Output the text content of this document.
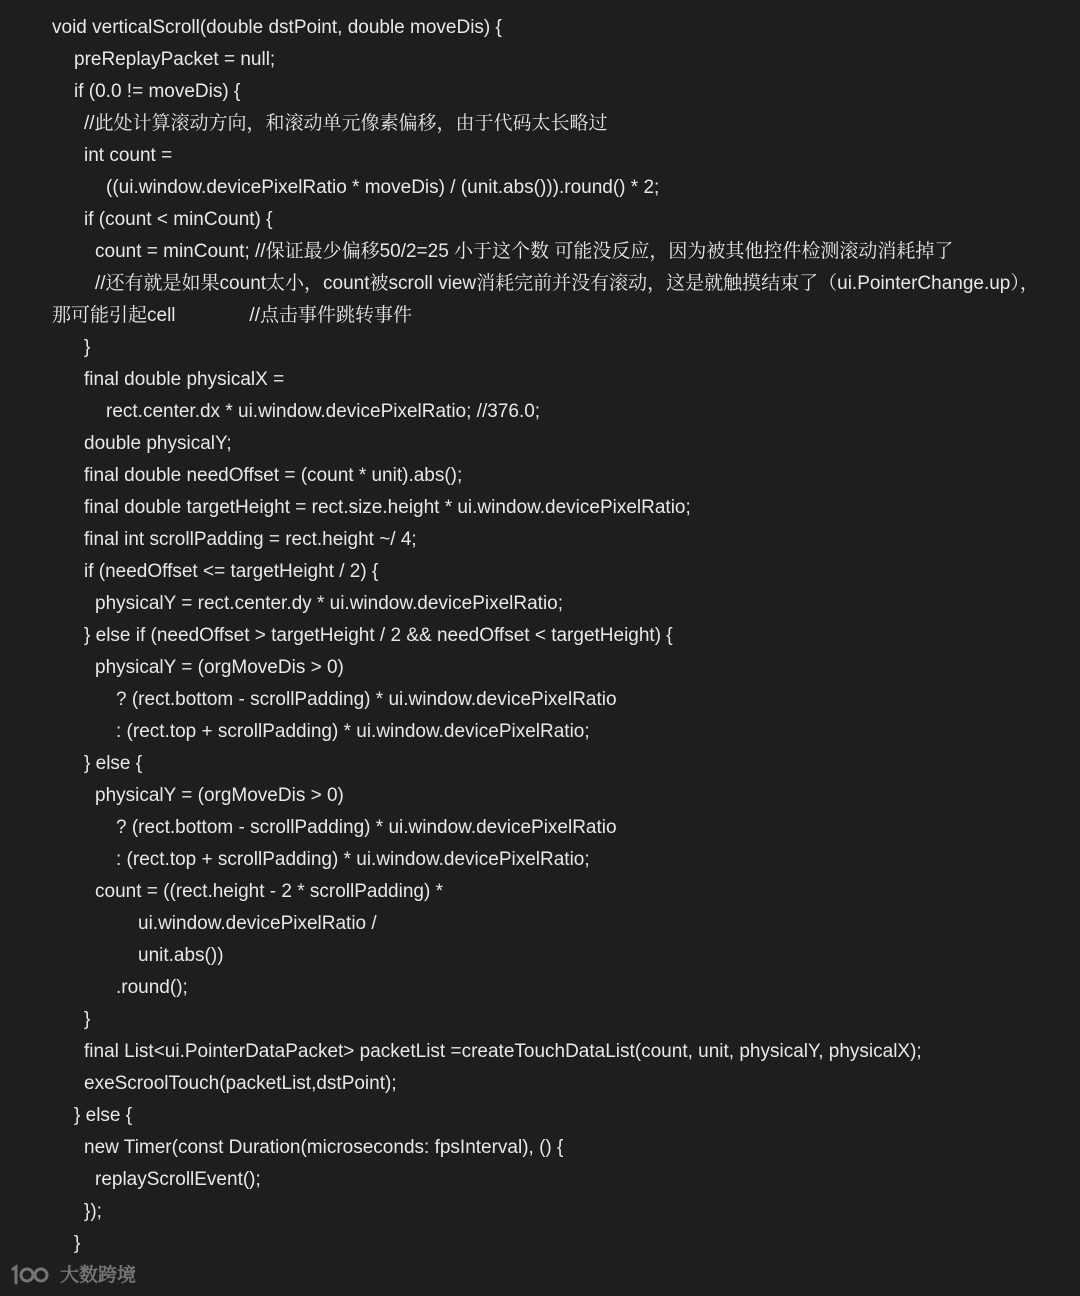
void verticalScroll(double dstPoint, double moveDis) {
preReplayPacket = null;
if (0.0 != moveDis) {
//此处计算滚动方向，和滚动单元像素偏移，由于代码太长略过
int count =
((ui.window.devicePixelRatio * moveDis) / (unit.abs())).round() * 2;
if (count < minCount) {
count = minCount; //保证最少偏移50/2=25 小于这个数 可能没反应，因为被其他控件检测滚动消耗掉了
//还有就是如果count太小，count被scroll view消耗完前并没有滚动，这是就触摸结束了（ui.PointerChange.up），
那可能引起cell              //点击事件跳转事件
}
final double physicalX =
rect.center.dx * ui.window.devicePixelRatio; //376.0;
double physicalY;
final double needOffset = (count * unit).abs();
final double targetHeight = rect.size.height * ui.window.devicePixelRatio;
final int scrollPadding = rect.height ~/ 4;
if (needOffset <= targetHeight / 2) {
physicalY = rect.center.dy * ui.window.devicePixelRatio;
} else if (needOffset > targetHeight / 2 && needOffset < targetHeight) {
physicalY = (orgMoveDis > 0)
? (rect.bottom - scrollPadding) * ui.window.devicePixelRatio
: (rect.top + scrollPadding) * ui.window.devicePixelRatio;
} else {
physicalY = (orgMoveDis > 0)
? (rect.bottom - scrollPadding) * ui.window.devicePixelRatio
: (rect.top + scrollPadding) * ui.window.devicePixelRatio;
count = ((rect.height - 2 * scrollPadding) *
ui.window.devicePixelRatio /
unit.abs())
.round();
}
final List<ui.PointerDataPacket> packetList =createTouchDataList(count, unit, physicalY, physicalX);
exeScroolTouch(packetList,dstPoint);
} else {
new Timer(const Duration(microseconds: fpsInterval), () {
replayScrollEvent();
});
}
大数跨境
